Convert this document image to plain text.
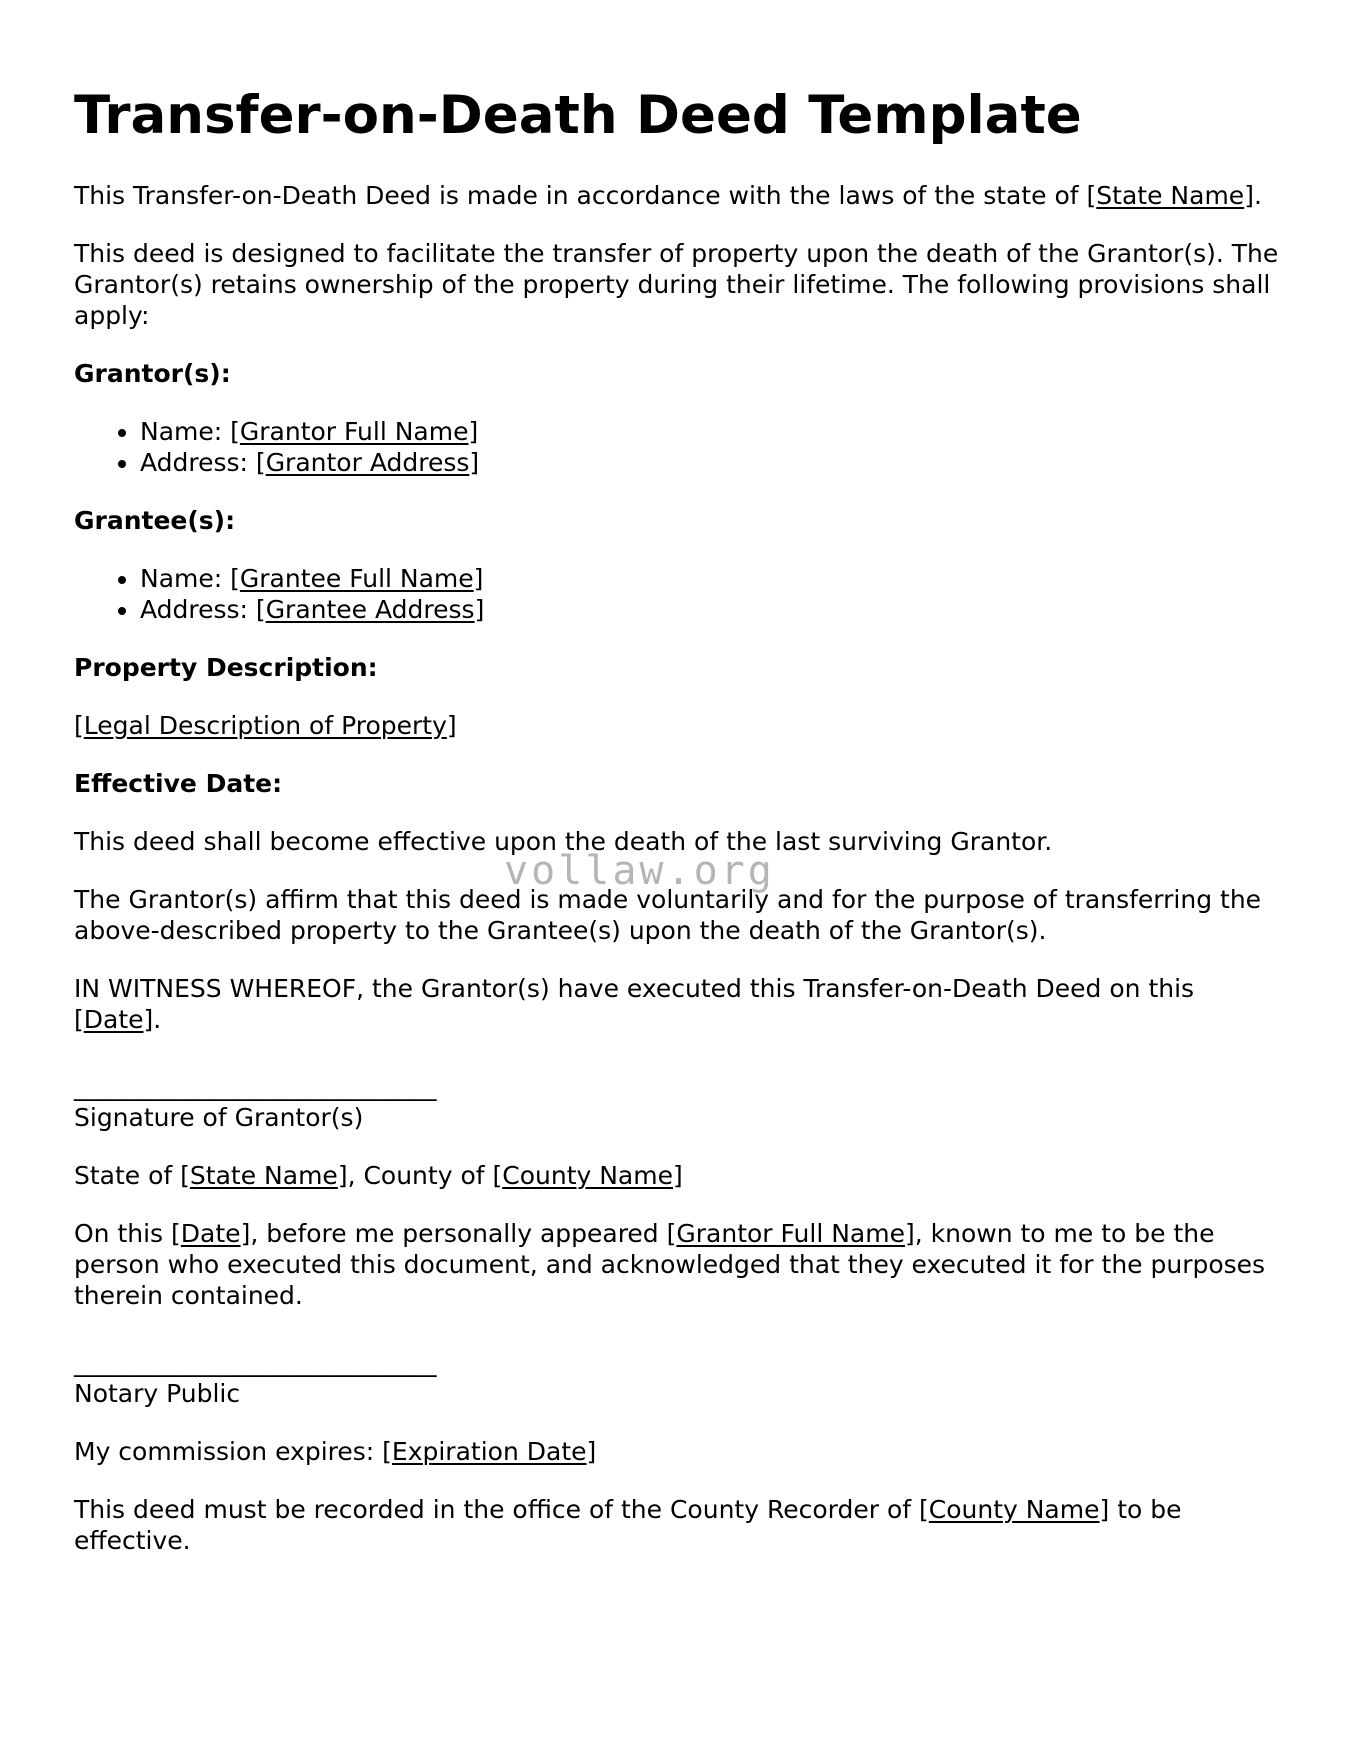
Transfer-on-Death Deed Template

This Transfer-on-Death Deed is made in accordance with the laws of the state of [State Name].

This deed is designed to facilitate the transfer of property upon the death of the Grantor(s). The Grantor(s) retains ownership of the property during their lifetime. The following provisions shall apply:

Grantor(s):

• Name: [Grantor Full Name]
• Address: [Grantor Address]

Grantee(s):

• Name: [Grantee Full Name]
• Address: [Grantee Address]

Property Description:

[Legal Description of Property]

Effective Date:

This deed shall become effective upon the death of the last surviving Grantor.

The Grantor(s) affirm that this deed is made voluntarily and for the purpose of transferring the above-described property to the Grantee(s) upon the death of the Grantor(s).

IN WITNESS WHEREOF, the Grantor(s) have executed this Transfer-on-Death Deed on this [Date].

_____________________________

Signature of Grantor(s)

State of [State Name], County of [County Name]

On this [Date], before me personally appeared [Grantor Full Name], known to me to be the person who executed this document, and acknowledged that they executed it for the purposes therein contained.

_____________________________

Notary Public

My commission expires: [Expiration Date]

This deed must be recorded in the office of the County Recorder of [County Name] to be effective.

vollaw.org
